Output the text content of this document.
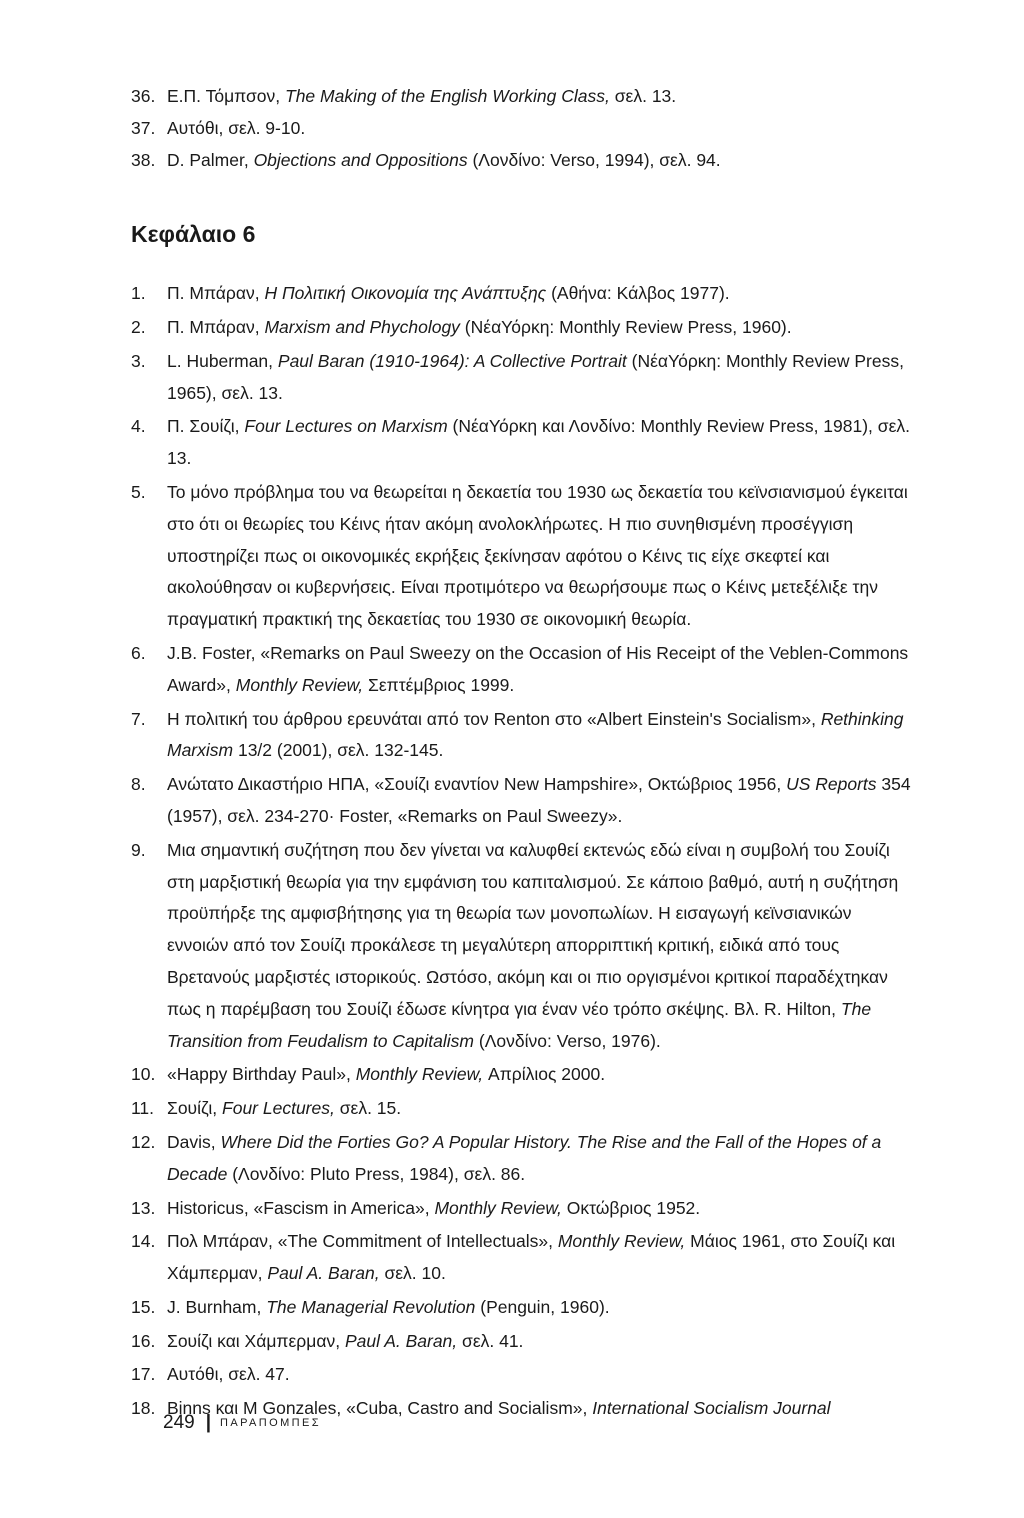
36. Ε.Π. Τόμπσον, The Making of the English Working Class, σελ. 13.
37. Αυτόθι, σελ. 9-10.
38. D. Palmer, Objections and Oppositions (Λονδίνο: Verso, 1994), σελ. 94.
Κεφάλαιο 6
1.	Π. Μπάραν, Η Πολιτική Οικονομία της Ανάπτυξης (Αθήνα: Κάλβος 1977).
2.	Π. Μπάραν, Marxism and Phychology (ΝέαΥόρκη: Monthly Review Press, 1960).
3.	L. Huberman, Paul Baran (1910-1964): A Collective Portrait (ΝέαΥόρκη: Monthly Review Press, 1965), σελ. 13.
4.	Π. Σουίζι, Four Lectures on Marxism (ΝέαΥόρκη και Λονδίνο: Monthly Review Press, 1981), σελ. 13.
5.	Το μόνο πρόβλημα του να θεωρείται η δεκαετία του 1930 ως δεκαετία του κεϊνσιανισμού έγκειται στο ότι οι θεωρίες του Κέινς ήταν ακόμη ανολοκλήρωτες. Η πιο συνηθισμένη προσέγγιση υποστηρίζει πως οι οικονομικές εκρήξεις ξεκίνησαν αφότου ο Κέινς τις είχε σκεφτεί και ακολούθησαν οι κυβερνήσεις. Είναι προτιμότερο να θεωρήσουμε πως ο Κέινς μετεξέλιξε την πραγματική πρακτική της δεκαετίας του 1930 σε οικονομική θεωρία.
6.	J.B. Foster, «Remarks on Paul Sweezy on the Occasion of His Receipt of the Veblen-Commons Award», Monthly Review, Σεπτέμβριος 1999.
7.	Η πολιτική του άρθρου ερευνάται από τον Renton στο «Albert Einstein's Socialism», Rethinking Marxism 13/2 (2001), σελ. 132-145.
8.	Ανώτατο Δικαστήριο ΗΠΑ, «Σουίζι εναντίον New Hampshire», Οκτώβριος 1956, US Reports 354 (1957), σελ. 234-270· Foster, «Remarks on Paul Sweezy».
9.	Μια σημαντική συζήτηση που δεν γίνεται να καλυφθεί εκτενώς εδώ είναι η συμβολή του Σουίζι στη μαρξιστική θεωρία για την εμφάνιση του καπιταλισμού. Σε κάποιο βαθμό, αυτή η συζήτηση προϋπήρξε της αμφισβήτησης για τη θεωρία των μονοπωλίων. Η εισαγωγή κεϊνσιανικών εννοιών από τον Σουίζι προκάλεσε τη μεγαλύτερη απορριπτική κριτική, ειδικά από τους Βρετανούς μαρξιστές ιστορικούς. Ωστόσο, ακόμη και οι πιο οργισμένοι κριτικοί παραδέχτηκαν πως η παρέμβαση του Σουίζι έδωσε κίνητρα για έναν νέο τρόπο σκέψης. Βλ. R. Hilton, The Transition from Feudalism to Capitalism (Λονδίνο: Verso, 1976).
10. «Happy Birthday Paul», Monthly Review, Απρίλιος 2000.
11. Σουίζι, Four Lectures, σελ. 15.
12. Davis, Where Did the Forties Go? A Popular History. The Rise and the Fall of the Hopes of a Decade (Λονδίνο: Pluto Press, 1984), σελ. 86.
13. Historicus, «Fascism in America», Monthly Review, Οκτώβριος 1952.
14. Πολ Μπάραν, «The Commitment of Intellectuals», Monthly Review, Μάιος 1961, στο Σουίζι και Χάμπερμαν, Paul A. Baran, σελ. 10.
15. J. Burnham, The Managerial Revolution (Penguin, 1960).
16. Σουίζι και Χάμπερμαν, Paul A. Baran, σελ. 41.
17. Αυτόθι, σελ. 47.
18. Binns και M Gonzales, «Cuba, Castro and Socialism», International Socialism Journal
249 | ΠΑΡΑΠΟΜΠΕΣ
